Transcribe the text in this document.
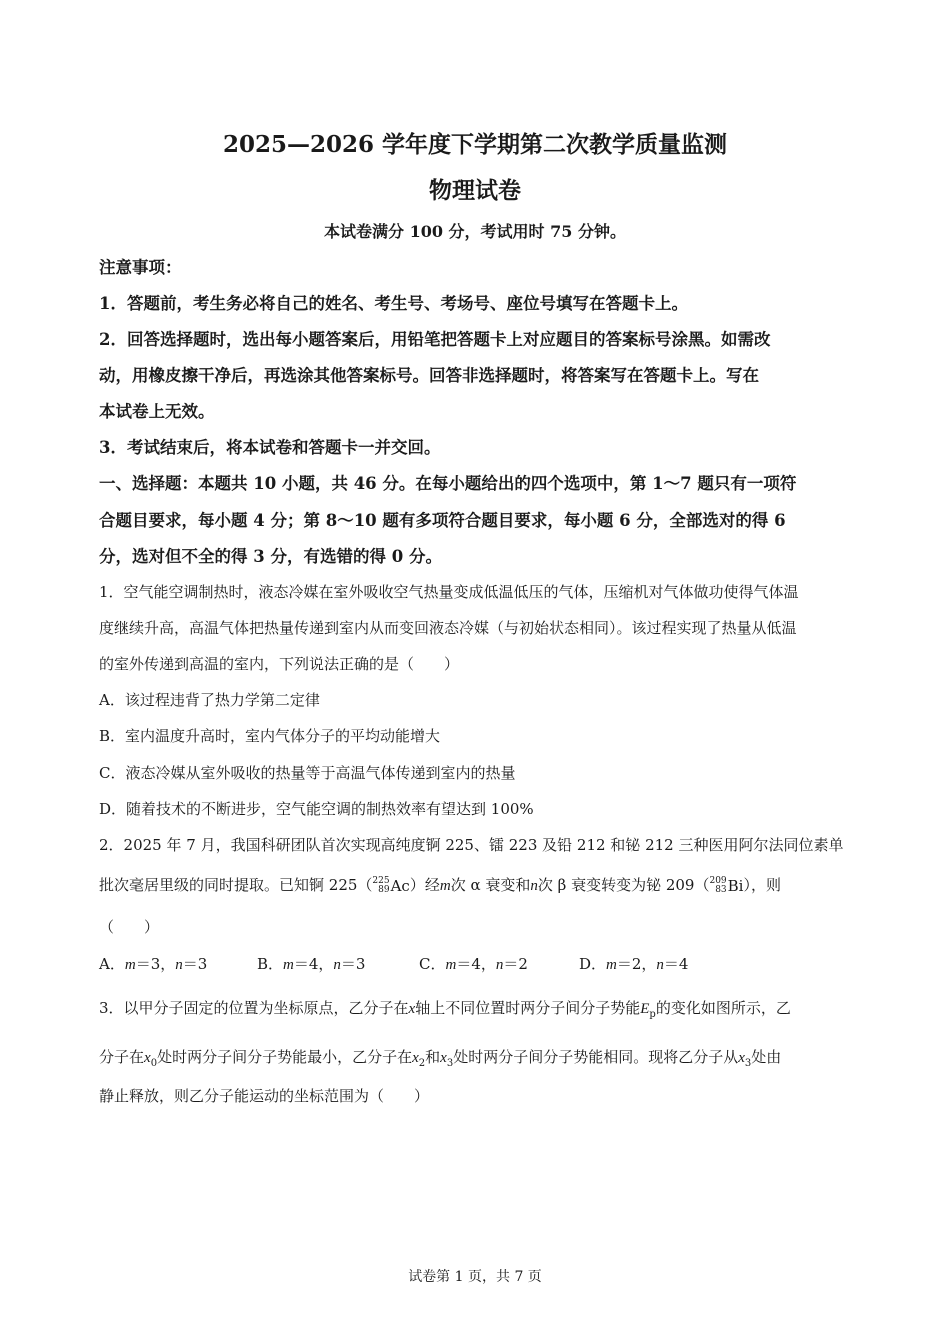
2025—2026 学年度下学期第二次教学质量监测
物理试卷
本试卷满分 100 分，考试用时 75 分钟。
注意事项：
1．答题前，考生务必将自己的姓名、考生号、考场号、座位号填写在答题卡上。
2．回答选择题时，选出每小题答案后，用铅笔把答题卡上对应题目的答案标号涂黑。如需改
动，用橡皮擦干净后，再选涂其他答案标号。回答非选择题时，将答案写在答题卡上。写在
本试卷上无效。
3．考试结束后，将本试卷和答题卡一并交回。
一、选择题：本题共 10 小题，共 46 分。在每小题给出的四个选项中，第 1～7 题只有一项符
合题目要求，每小题 4 分；第 8～10 题有多项符合题目要求，每小题 6 分，全部选对的得 6
分，选对但不全的得 3 分，有选错的得 0 分。
1．空气能空调制热时，液态冷媒在室外吸收空气热量变成低温低压的气体，压缩机对气体做功使得气体温
度继续升高，高温气体把热量传递到室内从而变回液态冷媒（与初始状态相同）。该过程实现了热量从低温
的室外传递到高温的室内，下列说法正确的是（　　）
A．该过程违背了热力学第二定律
B．室内温度升高时，室内气体分子的平均动能增大
C．液态冷媒从室外吸收的热量等于高温气体传递到室内的热量
D．随着技术的不断进步，空气能空调的制热效率有望达到 100%
2．2025 年 7 月，我国科研团队首次实现高纯度锕 225、镭 223 及铅 212 和铋 212 三种医用阿尔法同位素单
批次毫居里级的同时提取。已知锕 225（ 225
89 Ac ）经m次 α 衰变和n次 β 衰变转变为铋 209（ 209
83 Bi ），则
（　　）
A．m＝3，n＝3	B．m＝4，n＝3	C．m＝4，n＝2	D．m＝2，n＝4
3．以甲分子固定的位置为坐标原点，乙分子在x轴上不同位置时两分子间分子势能$E_p$的变化如图所示，乙
分子在$x_0$处时两分子间分子势能最小，乙分子在$x_2$和$x_3$处时两分子间分子势能相同。现将乙分子从$x_3$处由
静止释放，则乙分子能运动的坐标范围为（　　）
试卷第 1 页，共 7 页
